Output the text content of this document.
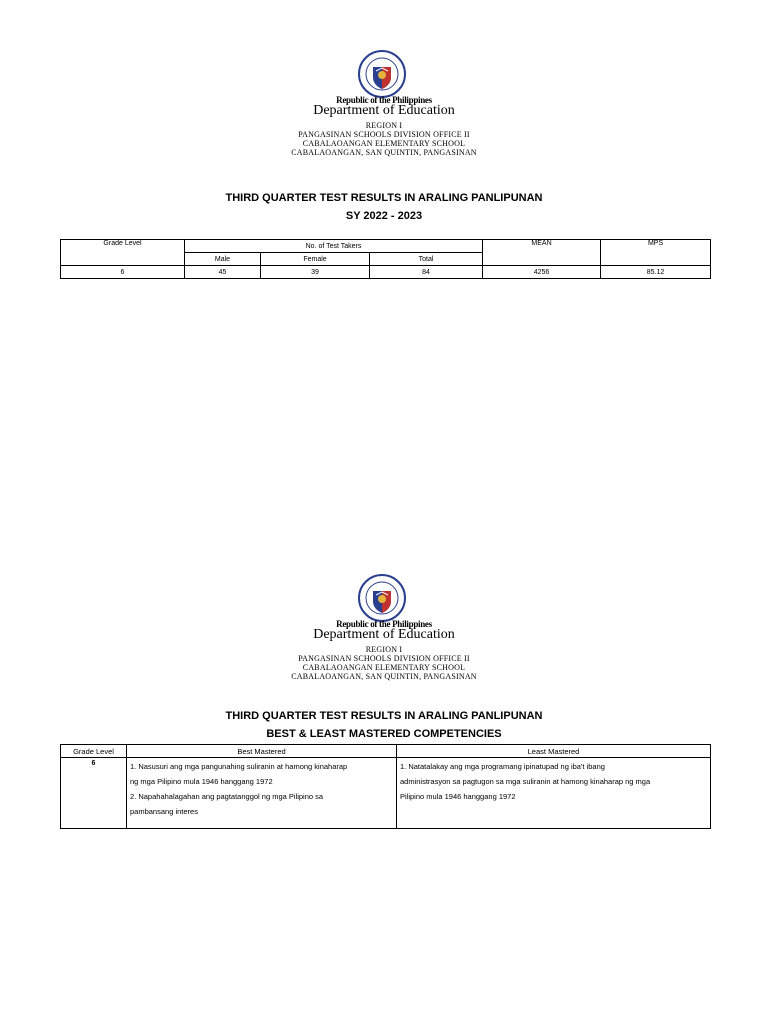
Republic of the Philippines
Department of Education
REGION I
PANGASINAN SCHOOLS DIVISION OFFICE II
CABALAOANGAN ELEMENTARY SCHOOL
CABALAOANGAN, SAN QUINTIN, PANGASINAN
THIRD QUARTER TEST RESULTS IN ARALING PANLIPUNAN
SY 2022 - 2023
Grade Level	No. of Test Takers			MEAN	MPS
	Male	Female	Total		
6	45	39	84	4256	85.12
Republic of the Philippines
Department of Education
REGION I
PANGASINAN SCHOOLS DIVISION OFFICE II
CABALAOANGAN ELEMENTARY SCHOOL
CABALAOANGAN, SAN QUINTIN, PANGASINAN
THIRD QUARTER TEST RESULTS IN ARALING PANLIPUNAN
BEST & LEAST MASTERED COMPETENCIES
Grade Level	Best Mastered	Least Mastered
6	1. Nasusuri ang mga pangunahing suliranin at hamong kinaharap
ng mga Pilipino mula 1946 hanggang 1972
2. Napahahalagahan ang pagtatanggol ng mga Pilipino sa
pambansang interes	1. Natatalakay ang mga programang ipinatupad ng iba't ibang
administrasyon sa pagtugon sa mga suliranin at hamong kinaharap ng mga
Pilipino mula 1946 hanggang 1972
